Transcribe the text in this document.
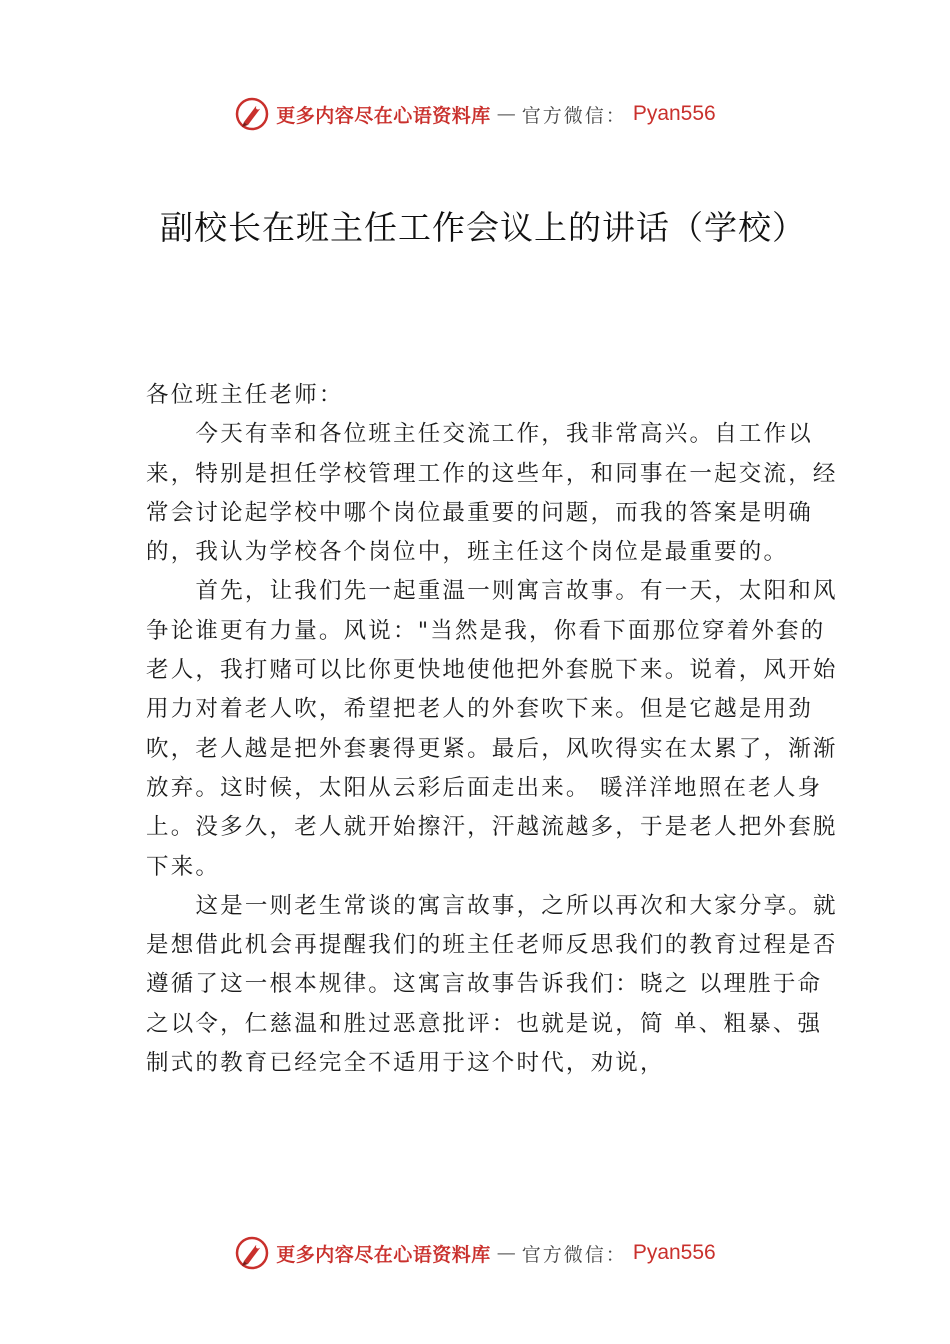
更多内容尽在心语资料库 — 官方微信： Pyan556
副校长在班主任工作会议上的讲话（学校）

各位班主任老师：

今天有幸和各位班主任交流工作，我非常高兴。自工作以来，特别是担任学校管理工作的这些年，和同事在一起交流，经常会讨论起学校中哪个岗位最重要的问题，而我的答案是明确的，我认为学校各个岗位中，班主任这个岗位是最重要的。

首先，让我们先一起重温一则寓言故事。有一天，太阳和风争论谁更有力量。风说："当然是我，你看下面那位穿着外套的老人，我打赌可以比你更快地使他把外套脱下来。说着，风开始用力对着老人吹，希望把老人的外套吹下来。但是它越是用劲吹，老人越是把外套裹得更紧。最后，风吹得实在太累了，渐渐放弃。这时候，太阳从云彩后面走出来。 暖洋洋地照在老人身上。没多久，老人就开始擦汗，汗越流越多，于是老人把外套脱下来。

这是一则老生常谈的寓言故事，之所以再次和大家分享。就是想借此机会再提醒我们的班主任老师反思我们的教育过程是否遵循了这一根本规律。这寓言故事告诉我们：晓之 以理胜于命之以令，仁慈温和胜过恶意批评：也就是说，简 单、粗暴、强制式的教育已经完全不适用于这个时代，劝说，

更多内容尽在心语资料库 — 官方微信： Pyan556
